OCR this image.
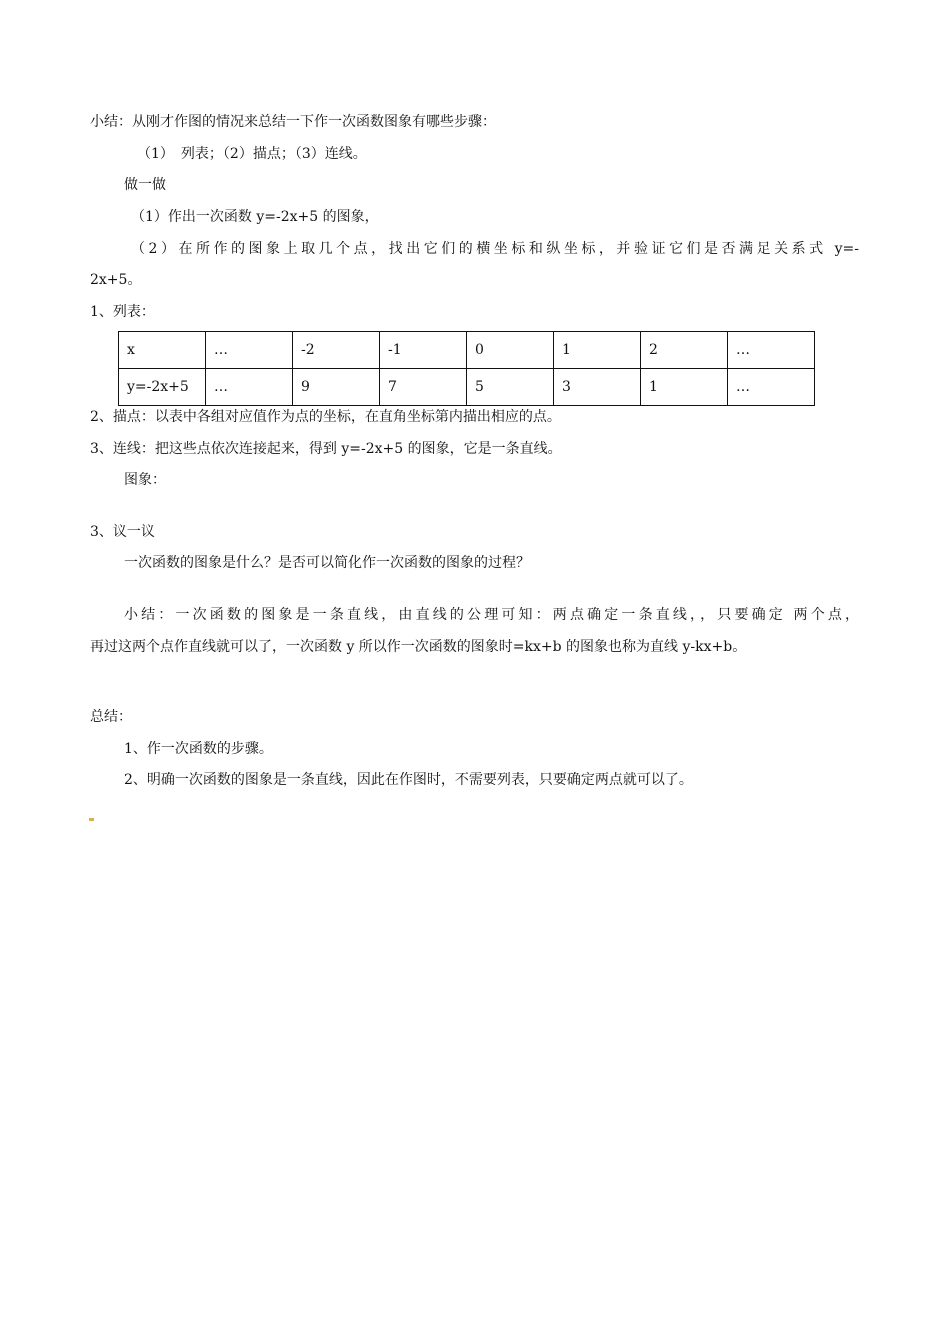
小结：从刚才作图的情况来总结一下作一次函数图象有哪些步骤：
（1）　列表；（2）描点；（3）连线。
做一做
（1）作出一次函数 y=-2x+5 的图象，
（2）在所作的图象上取几个点，找出它们的横坐标和纵坐标，并验证它们是否满足关系式 y=-
2x+5。
1、列表：
x	…	-2	-1	0	1	2	…
y=-2x+5	…	9	7	5	3	1	…
2、描点：以表中各组对应值作为点的坐标，在直角坐标第内描出相应的点。
3、连线：把这些点依次连接起来，得到 y=-2x+5 的图象，它是一条直线。
图象：
3、议一议
一次函数的图象是什么？是否可以简化作一次函数的图象的过程？
小结：一次函数的图象是一条直线，由直线的公理可知：两点确定一条直线，，只要确定 两个点，
再过这两个点作直线就可以了，一次函数 y 所以作一次函数的图象时=kx+b 的图象也称为直线 y-kx+b。
总结：
1、作一次函数的步骤。
2、明确一次函数的图象是一条直线，因此在作图时，不需要列表，只要确定两点就可以了。
